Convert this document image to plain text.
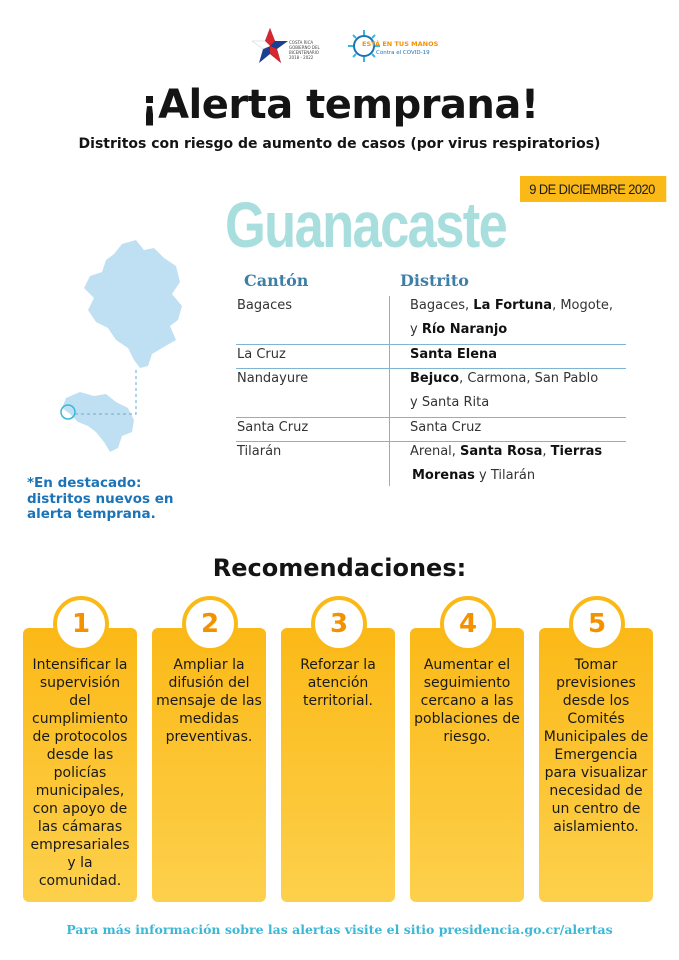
COSTA RICA
GOBIERNO DEL BICENTENARIO
2018 - 2022
ESTÁ EN TUS MANOS
Contra el COVID-19
¡Alerta temprana!
Distritos con riesgo de aumento de casos (por virus respiratorios)
9 DE DICIEMBRE 2020
Guanacaste
Cantón	Distrito
Bagaces	Bagaces, La Fortuna, Mogote,
y Río Naranjo
La Cruz	Santa Elena
Nandayure	Bejuco, Carmona, San Pablo
y Santa Rita
Santa Cruz	Santa Cruz
Tilarán	Arenal, Santa Rosa, Tierras
Morenas y Tilarán
*En destacado: distritos nuevos en alerta temprana.
Recomendaciones:
1
Intensificar la supervisión del cumplimiento de protocolos desde las policías municipales, con apoyo de las cámaras empresariales y la comunidad.
2
Ampliar la difusión del mensaje de las medidas preventivas.
3
Reforzar la atención territorial.
4
Aumentar el seguimiento cercano a las poblaciones de riesgo.
5
Tomar previsiones desde los Comités Municipales de Emergencia para visualizar necesidad de un centro de aislamiento.
Para más información sobre las alertas visite el sitio presidencia.go.cr/alertas
